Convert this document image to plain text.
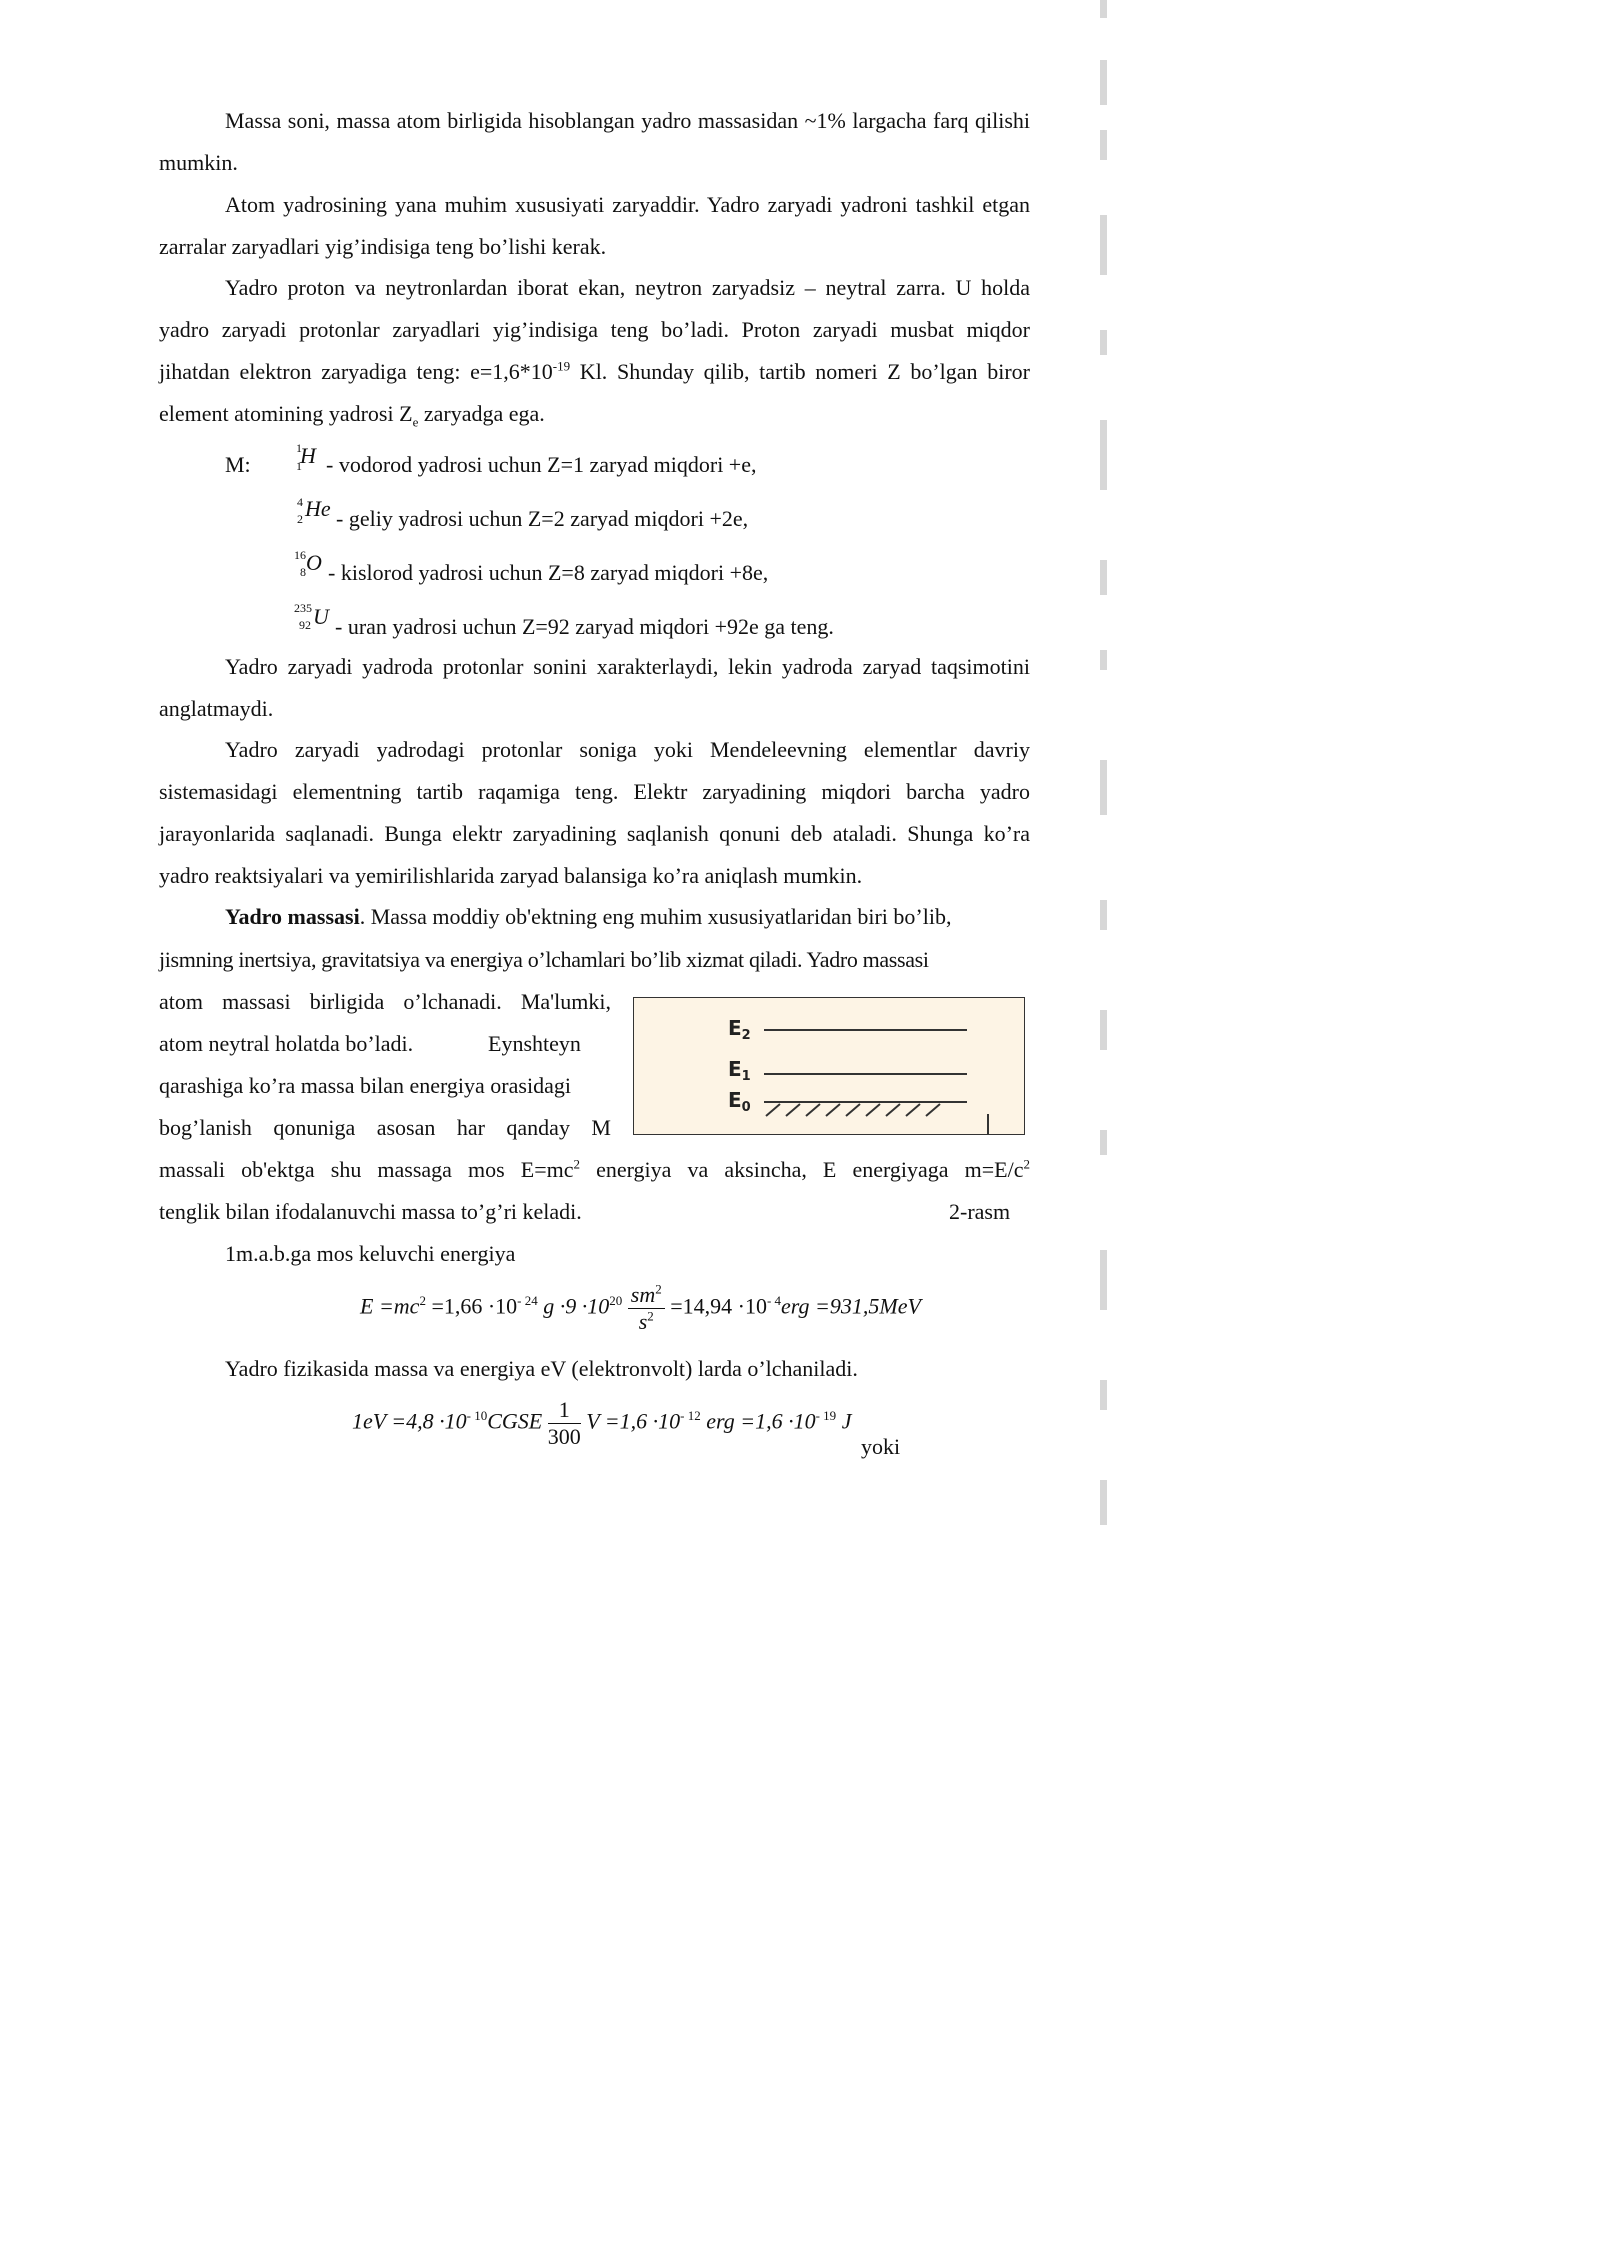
Massa soni, massa atom birligida hisoblangan yadro massasidan ~1% largacha farq qilishi mumkin.

Atom yadrosining yana muhim xususiyati zaryaddir. Yadro zaryadi yadroni tashkil etgan zarralar zaryadlari yig’indisiga teng bo’lishi kerak.

Yadro proton va neytronlardan iborat ekan, neytron zaryadsiz – neytral zarra. U holda yadro zaryadi protonlar zaryadlari yig’indisiga teng bo’ladi. Proton zaryadi musbat miqdor jihatdan elektron zaryadiga teng: $e=1,6*10^{-19}$ Kl. Shunday qilib, tartib nomeri Z bo’lgan biror element atomining yadrosi $Z_e$ zaryadga ega.

M:
1
1
H - vodorod yadrosi uchun Z=1 zaryad miqdori +e,
4
2 He - geliy yadrosi uchun Z=2 zaryad miqdori +2e,
16
8 O - kislorod yadrosi uchun Z=8 zaryad miqdori +8e,
235
92 U - uran yadrosi uchun Z=92 zaryad miqdori +92e ga teng.

Yadro zaryadi yadroda protonlar sonini xarakterlaydi, lekin yadroda zaryad taqsimotini anglatmaydi.

Yadro zaryadi yadrodagi protonlar soniga yoki Mendeleevning elementlar davriy sistemasidagi elementning tartib raqamiga teng. Elektr zaryadining miqdori barcha yadro jarayonlarida saqlanadi. Bunga elektr zaryadining saqlanish qonuni deb ataladi. Shunga ko’ra yadro reaktsiyalari va yemirilishlarida zaryad balansiga ko’ra aniqlash mumkin.

Yadro massasi. Massa moddiy ob'ektning eng muhim xususiyatlaridan biri bo’lib,
jismning inertsiya, gravitatsiya va energiya o’lchamlari bo’lib xizmat qiladi. Yadro massasi
atom massasi birligida o’lchanadi. Ma'lumki,
atom neytral holatda bo’ladi.	Eynshteyn
qarashiga ko’ra massa bilan energiya orasidagi
bog’lanish qonuniga asosan har qanday M
massali ob'ektga shu massaga mos $E=mc^2$ energiya va aksincha, E energiyaga $m=E/c^2$
tenglik bilan ifodalanuvchi massa to’g’ri keladi.	2-rasm
$E_2$
$E_1$
$E_0$
1m.a.b.ga mos keluvchi energiya
$E =mc^2 =1,66 \cdot 10^{- 24}$ $g \cdot 9 \cdot 10^{20} \frac{sm^2}{s^2} =14,94 \cdot 10^{- 4}erg =931,5MeV$
Yadro fizikasida massa va energiya eV (elektronvolt) larda o’lchaniladi.
$1eV =4,8 \cdot 10^{- 10}CGSE \frac{1}{300}$ $V =1,6 \cdot 10^{- 12}$ erg $=1,6 \cdot 10^{- 19}$ J
yoki
